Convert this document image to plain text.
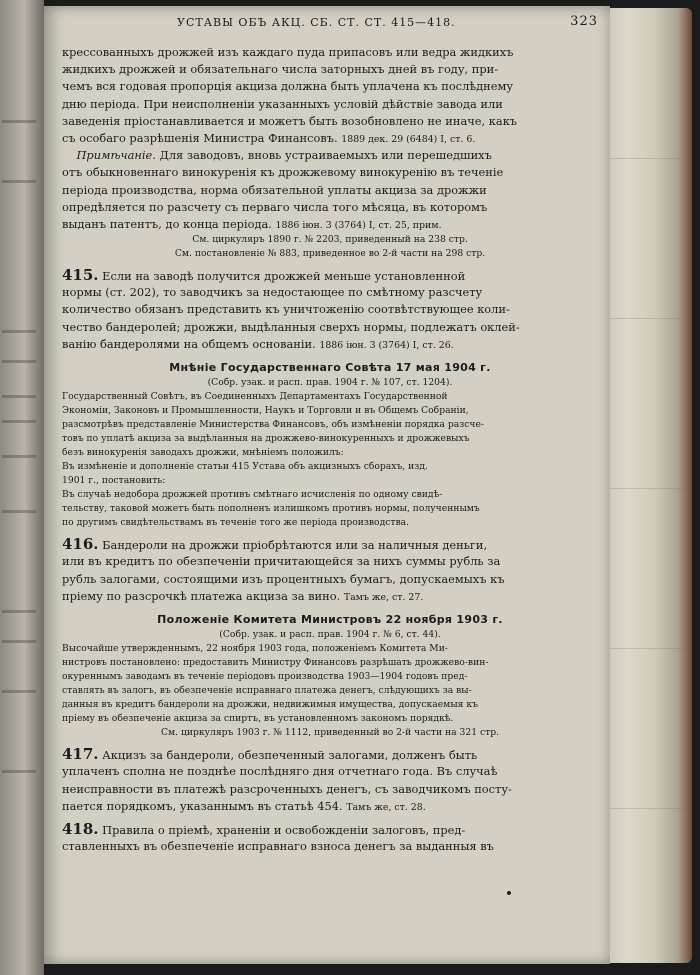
УСТАВЫ ОБЪ АКЦ. СБ. СТ. СТ. 415—418.	323
крессованныхъ дрожжей изъ каждаго пуда припасовъ или ведра жидкихъ
жидкихъ дрожжей и обязательнаго числа заторныхъ дней въ году, при-
чемъ вся годовая пропорція акциза должна быть уплачена къ послѣднему
дню періода. При неисполненіи указанныхъ условій дѣйствіе завода или
заведенія пріостанавливается и можетъ быть возобновлено не иначе, какъ
съ особаго разрѣшенія Министра Финансовъ. 1889 дек. 29 (6484) I, ст. 6.
Примѣчаніе. Для заводовъ, вновь устраиваемыхъ или перешедшихъ
отъ обыкновеннаго винокуренія къ дрожжевому винокуренію въ теченіе
періода производства, норма обязательной уплаты акциза за дрожжи
опредѣляется по разсчету съ перваго числа того мѣсяца, въ которомъ
выданъ патентъ, до конца періода. 1886 іюн. 3 (3764) I, ст. 25, прим.
См. циркуляръ 1890 г. № 2203, приведенный на 238 стр.
См. постановленіе № 883, приведенное во 2-й части на 298 стр.
415. Если на заводѣ получится дрожжей меньше установленной
нормы (ст. 202), то заводчикъ за недостающее по смѣтному разсчету
количество обязанъ представить къ уничтоженію соотвѣтствующее коли-
чество бандеролей; дрожжи, выдѣланныя сверхъ нормы, подлежатъ оклей-
ванію бандеролями на общемъ основаніи. 1886 іюн. 3 (3764) I, ст. 26.
Мнѣніе Государственнаго Совѣта 17 мая 1904 г.
(Собр. узак. и расп. прав. 1904 г. № 107, ст. 1204).
Государственный Совѣтъ, въ Соединенныхъ Департаментахъ Государственной
Экономіи, Законовъ и Промышленности, Наукъ и Торговли и въ Общемъ Собраніи,
разсмотрѣвъ представленіе Министерства Финансовъ, объ измѣненіи порядка разсче-
товъ по уплатѣ акциза за выдѣланныя на дрожжево-винокуренныхъ и дрожжевыхъ
безъ винокуренія заводахъ дрожжи, мнѣніемъ положилъ:
Въ измѣненіе и дополненіе статьи 415 Устава объ акцизныхъ сборахъ, изд.
1901 г., постановить:
Въ случаѣ недобора дрожжей противъ смѣтнаго исчисленія по одному свидѣ-
тельству, таковой можетъ быть пополненъ излишкомъ противъ нормы, полученнымъ
по другимъ свидѣтельствамъ въ теченіе того же періода производства.
416. Бандероли на дрожжи пріобрѣтаются или за наличныя деньги,
или въ кредитъ по обезпеченіи причитающейся за нихъ суммы рубль за
рубль залогами, состоящими изъ процентныхъ бумагъ, допускаемыхъ къ
пріему по разсрочкѣ платежа акциза за вино. Тамъ же, ст. 27.
Положеніе Комитета Министровъ 22 ноября 1903 г.
(Собр. узак. и расп. прав. 1904 г. № 6, ст. 44).
Высочайше утвержденнымъ, 22 ноября 1903 года, положеніемъ Комитета Ми-
нистровъ постановлено: предоставить Министру Финансовъ разрѣшать дрожжево-вин-
окуреннымъ заводамъ въ теченіе періодовъ производства 1903—1904 годовъ пред-
ставлять въ залогъ, въ обезпеченіе исправнаго платежа денегъ, слѣдующихъ за вы-
данныя въ кредитъ бандероли на дрожжи, недвижимыя имущества, допускаемыя къ
пріему въ обезпеченіе акциза за спиртъ, въ установленномъ закономъ порядкѣ.
См. циркуляръ 1903 г. № 1112, приведенный во 2-й части на 321 стр.
417. Акцизъ за бандероли, обезпеченный залогами, долженъ быть
уплаченъ сполна не позднѣе послѣдняго дня отчетнаго года. Въ случаѣ
неисправности въ платежѣ разсроченныхъ денегъ, съ заводчикомъ посту-
пается порядкомъ, указаннымъ въ статьѣ 454. Тамъ же, ст. 28.
418. Правила о пріемѣ, храненіи и освобожденіи залоговъ, пред-
ставленныхъ въ обезпеченіе исправнаго взноса денегъ за выданныя въ
